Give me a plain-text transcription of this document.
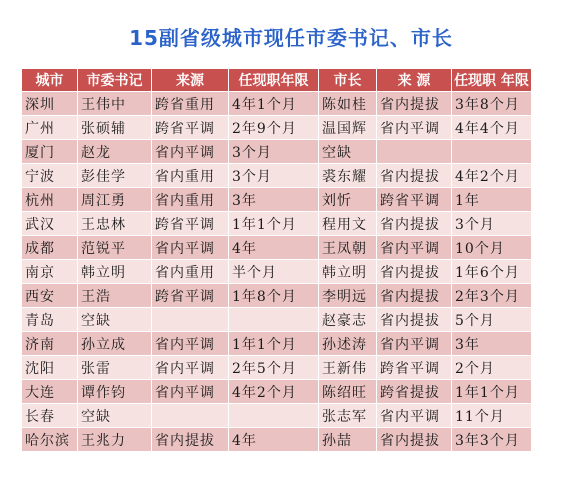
15副省级城市现任市委书记、市长
城市	市委书记	来源	任现职年限	市长	来 源	任现职 年限
深圳	王伟中	跨省重用	4年1个月	陈如桂	省内提拔	3年8个月
广州	张硕辅	跨省平调	2年9个月	温国辉	省内平调	4年4个月
厦门	赵龙	省内平调	3个月	空缺		
宁波	彭佳学	省内重用	3个月	裘东耀	省内提拔	4年2个月
杭州	周江勇	省内重用	3年	刘忻	跨省平调	1年
武汉	王忠林	跨省平调	1年1个月	程用文	省内提拔	3个月
成都	范锐平	省内平调	4年	王凤朝	省内平调	10个月
南京	韩立明	省内重用	半个月	韩立明	省内提拔	1年6个月
西安	王浩	跨省平调	1年8个月	李明远	省内提拔	2年3个月
青岛	空缺			赵豪志	省内提拔	5个月
济南	孙立成	省内平调	1年1个月	孙述涛	省内平调	3年
沈阳	张雷	省内平调	2年5个月	王新伟	跨省平调	2个月
大连	谭作钧	省内平调	4年2个月	陈绍旺	跨省提拔	1年1个月
长春	空缺			张志军	省内平调	11个月
哈尔滨	王兆力	省内提拔	4年	孙喆	省内提拔	3年3个月
